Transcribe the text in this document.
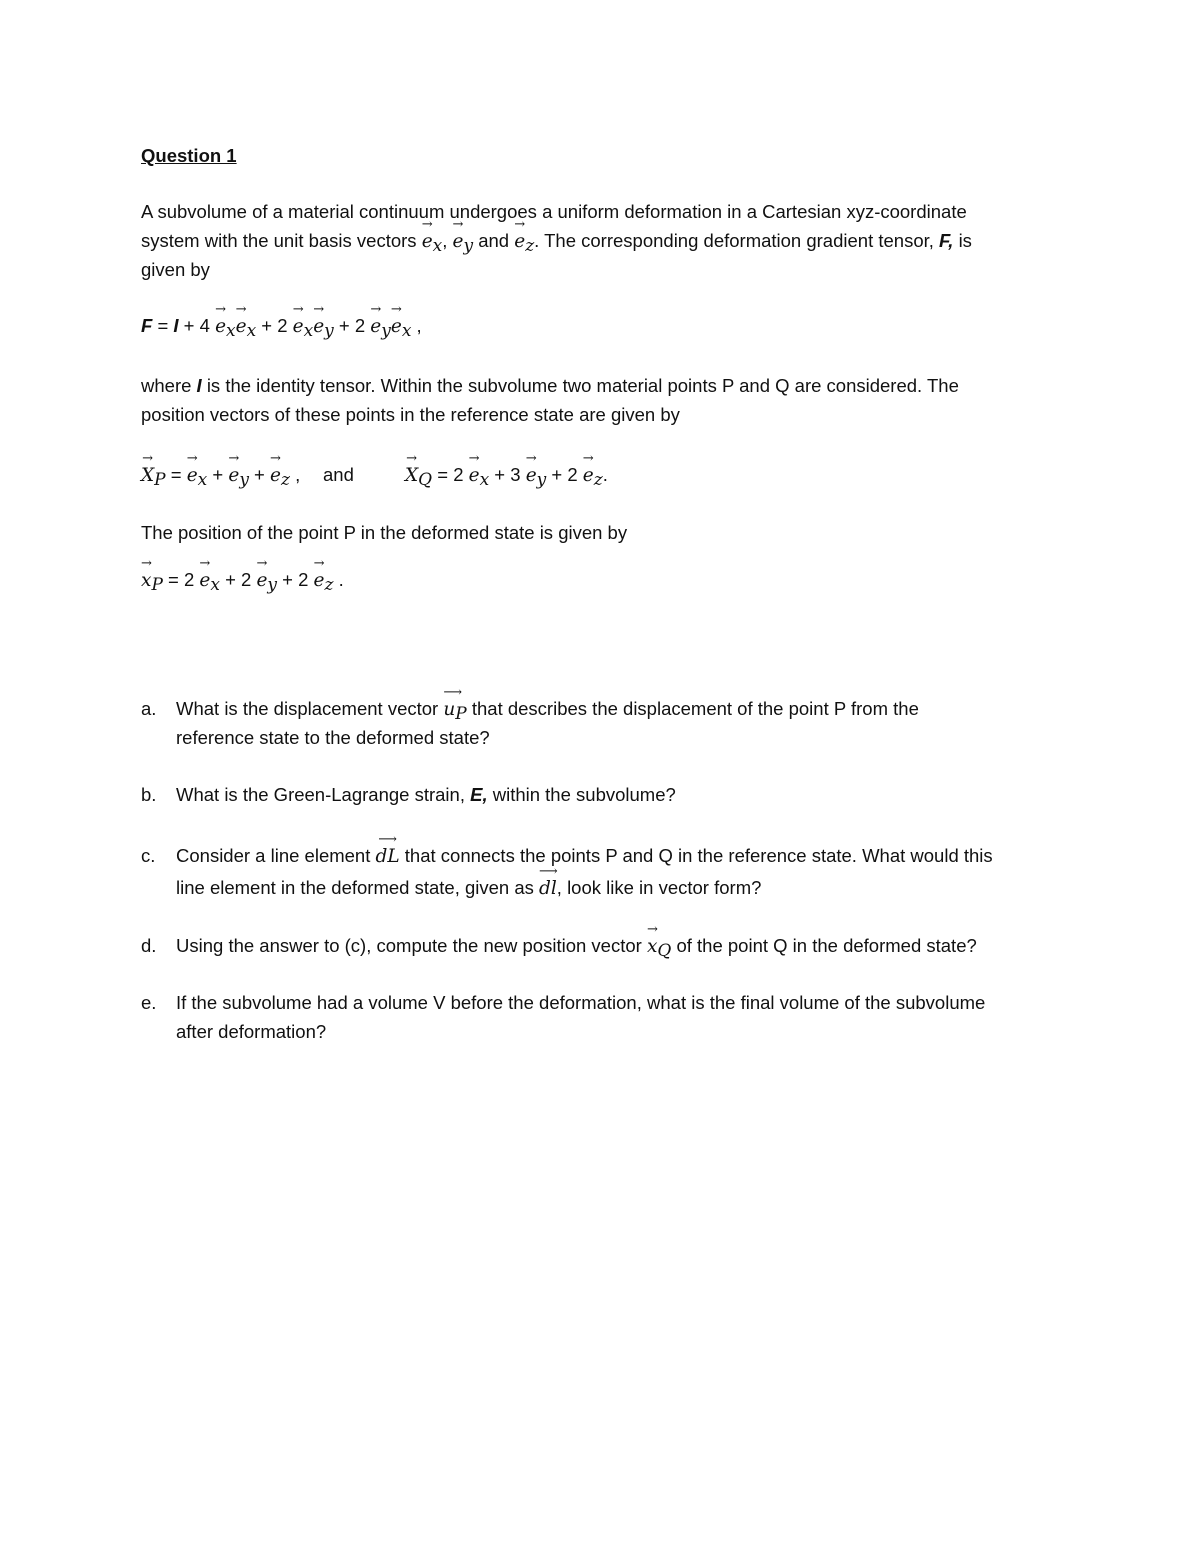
Question 1
A subvolume of a material continuum undergoes a uniform deformation in a Cartesian xyz-coordinate
system with the unit basis vectors → $e_x$, → $e_y$ and → $e_z$. The corresponding deformation gradient tensor, F, is
given by
$F = I + 4 \to e_x\to e_x + 2 \to e_x\to e_y + 2 \to e_y\to e_x$ ,
where I is the identity tensor. Within the subvolume two material points P and Q are considered. The
position vectors of these points in the reference state are given by
→ $X_P$ = → $e_x$ + → $e_y$ + → $e_z$ , and	→ $X_Q = 2 \to e_x + 3 \to e_y + 2 \to e_z$.
The position of the point P in the deformed state is given by
→ $x_P = 2 \to e_x + 2 \to e_y + 2 \to e_z$ .
a. What is the displacement vector ⟶ $u_P$ that describes the displacement of the point P from the
reference state to the deformed state?
b. What is the Green-Lagrange strain, E, within the subvolume?
c. Consider a line element ⟶ dL that connects the points P and Q in the reference state. What would this
line element in the deformed state, given as ⟶ dl, look like in vector form?
d. Using the answer to (c), compute the new position vector → $x_Q$ of the point Q in the deformed state?
e. If the subvolume had a volume V before the deformation, what is the final volume of the subvolume
after deformation?
